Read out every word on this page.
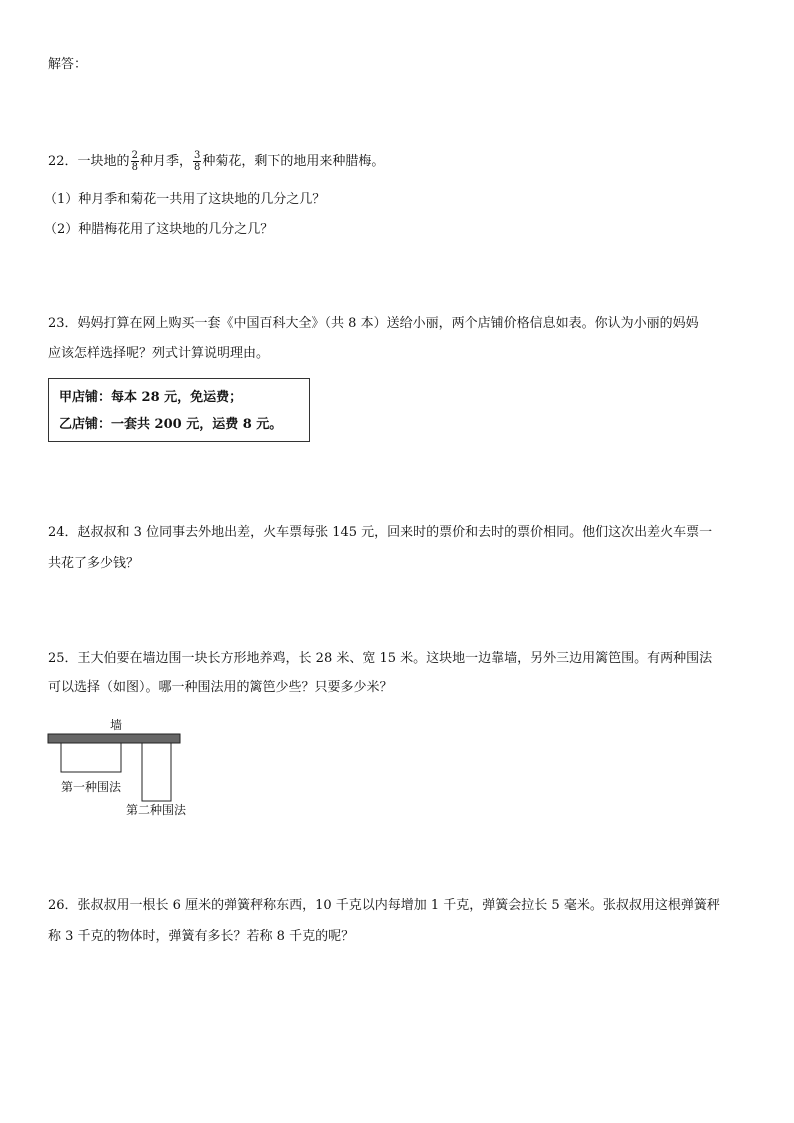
解答：
22．一块地的 $\frac{2}{8}$ 种月季， $\frac{3}{8}$ 种菊花，剩下的地用来种腊梅。
（1）种月季和菊花一共用了这块地的几分之几？
（2）种腊梅花用了这块地的几分之几？
23．妈妈打算在网上购买一套《中国百科大全》（共 8 本）送给小丽，两个店铺价格信息如表。你认为小丽的妈妈
应该怎样选择呢？列式计算说明理由。
甲店铺：每本 28 元，免运费；
乙店铺：一套共 200 元，运费 8 元。
24．赵叔叔和 3 位同事去外地出差，火车票每张 145 元，回来时的票价和去时的票价相同。他们这次出差火车票一
共花了多少钱？
25．王大伯要在墙边围一块长方形地养鸡，长 28 米、宽 15 米。这块地一边靠墙，另外三边用篱笆围。有两种围法
可以选择（如图）。哪一种围法用的篱笆少些？只要多少米？
墙
第一种围法
第二种围法
26．张叔叔用一根长 6 厘米的弹簧秤称东西，10 千克以内每增加 1 千克，弹簧会拉长 5 毫米。张叔叔用这根弹簧秤
称 3 千克的物体时，弹簧有多长？若称 8 千克的呢？
